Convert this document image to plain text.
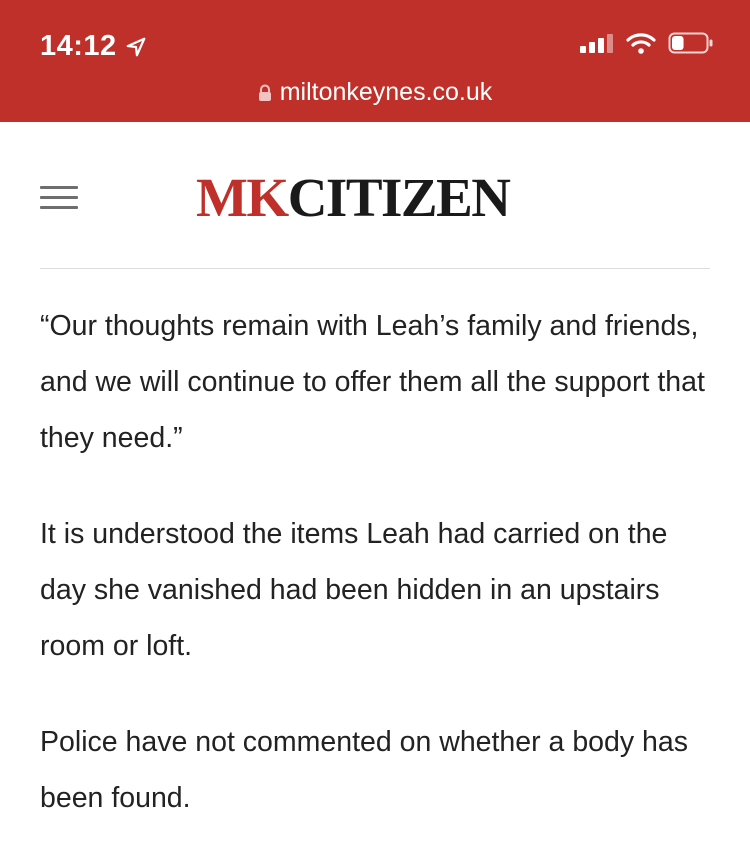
14:12
miltonkeynes.co.uk
MKCITIZEN

“Our thoughts remain with Leah’s family and friends, and we will continue to offer them all the support that they need.”

It is understood the items Leah had carried on the day she vanished had been hidden in an upstairs room or loft.

Police have not commented on whether a body has been found.
